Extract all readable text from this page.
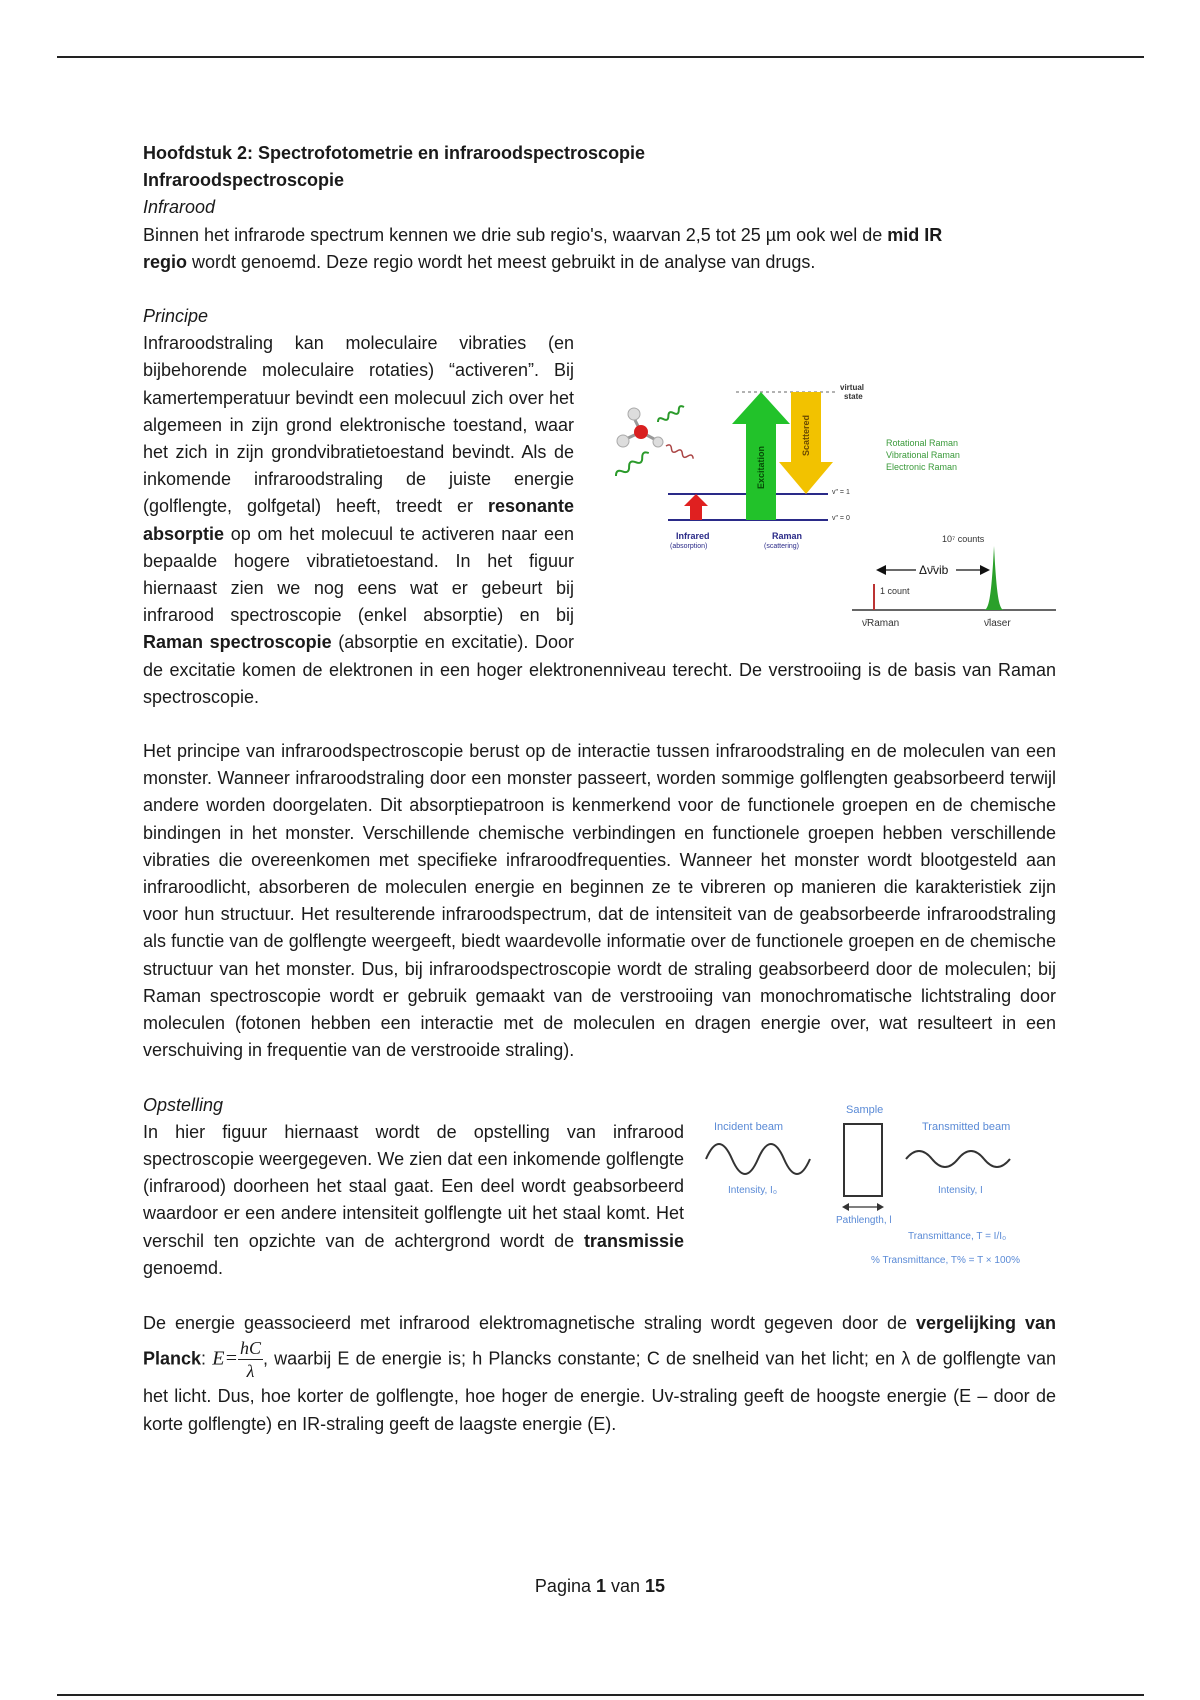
Hoofdstuk 2: Spectrofotometrie en infraroodspectroscopie

Infraroodspectroscopie

Infrarood

Binnen het infrarode spectrum kennen we drie sub regio's, waarvan 2,5 tot 25 µm ook wel de mid IR
regio wordt genoemd. Deze regio wordt het meest gebruikt in de analyse van drugs.

Principe

v" = 1
v" = 0
virtual
state
Excitation
Scattered
Infrared
(absorption)
Raman
(scattering)
Rotational Raman
Vibrational Raman
Electronic Raman
10⁷ counts
Δν̄vib
1 count
ν̄Raman	ν̄laser
Infraroodstraling kan moleculaire vibraties (en bijbehorende moleculaire rotaties) “activeren”. Bij kamertemperatuur bevindt een molecuul zich over het algemeen in zijn grond elektronische toestand, waar het zich in zijn grondvibratietoestand bevindt. Als de inkomende infraroodstraling de juiste energie (golflengte, golfgetal) heeft, treedt er resonante absorptie op om het molecuul te activeren naar een bepaalde hogere vibratietoestand. In het figuur hiernaast zien we nog eens wat er gebeurt bij infrarood spectroscopie (enkel absorptie) en bij Raman spectroscopie (absorptie en excitatie). Door de excitatie komen de elektronen in een hoger elektronenniveau terecht. De verstrooiing is de basis van Raman spectroscopie.

Het principe van infraroodspectroscopie berust op de interactie tussen infraroodstraling en de moleculen van een monster. Wanneer infraroodstraling door een monster passeert, worden sommige golflengten geabsorbeerd terwijl andere worden doorgelaten. Dit absorptiepatroon is kenmerkend voor de functionele groepen en de chemische bindingen in het monster. Verschillende chemische verbindingen en functionele groepen hebben verschillende vibraties die overeenkomen met specifieke infraroodfrequenties. Wanneer het monster wordt blootgesteld aan infraroodlicht, absorberen de moleculen energie en beginnen ze te vibreren op manieren die karakteristiek zijn voor hun structuur. Het resulterende infraroodspectrum, dat de intensiteit van de geabsorbeerde infraroodstraling als functie van de golflengte weergeeft, biedt waardevolle informatie over de functionele groepen en de chemische structuur van het monster. Dus, bij infraroodspectroscopie wordt de straling geabsorbeerd door de moleculen; bij Raman spectroscopie wordt er gebruik gemaakt van de verstrooiing van monochromatische lichtstraling door moleculen (fotonen hebben een interactie met de moleculen en dragen energie over, wat resulteert in een verschuiving in frequentie van de verstrooide straling).

Opstelling	Sample
Incident beam	Transmitted beam
Intensity, I₀	Intensity, I
Pathlength, l
Transmittance, T = I/I₀
% Transmittance, T% = T × 100%
In hier figuur hiernaast wordt de opstelling van infrarood spectroscopie weergegeven. We zien dat een inkomende golflengte (infrarood) doorheen het staal gaat. Een deel wordt geabsorbeerd waardoor er een andere intensiteit golflengte uit het staal komt. Het verschil ten opzichte van de achtergrond wordt de transmissie genoemd.

De energie geassocieerd met infrarood elektromagnetische straling wordt gegeven door de vergelijking van Planck: $E= \frac{hC}{\lambda}$ , waarbij E de energie is; h Plancks constante; C de snelheid van het licht; en λ de golflengte van het licht. Dus, hoe korter de golflengte, hoe hoger de energie. Uv-straling geeft de hoogste energie (E – door de korte golflengte) en IR-straling geeft de laagste energie (E).

Pagina 1 van 15
